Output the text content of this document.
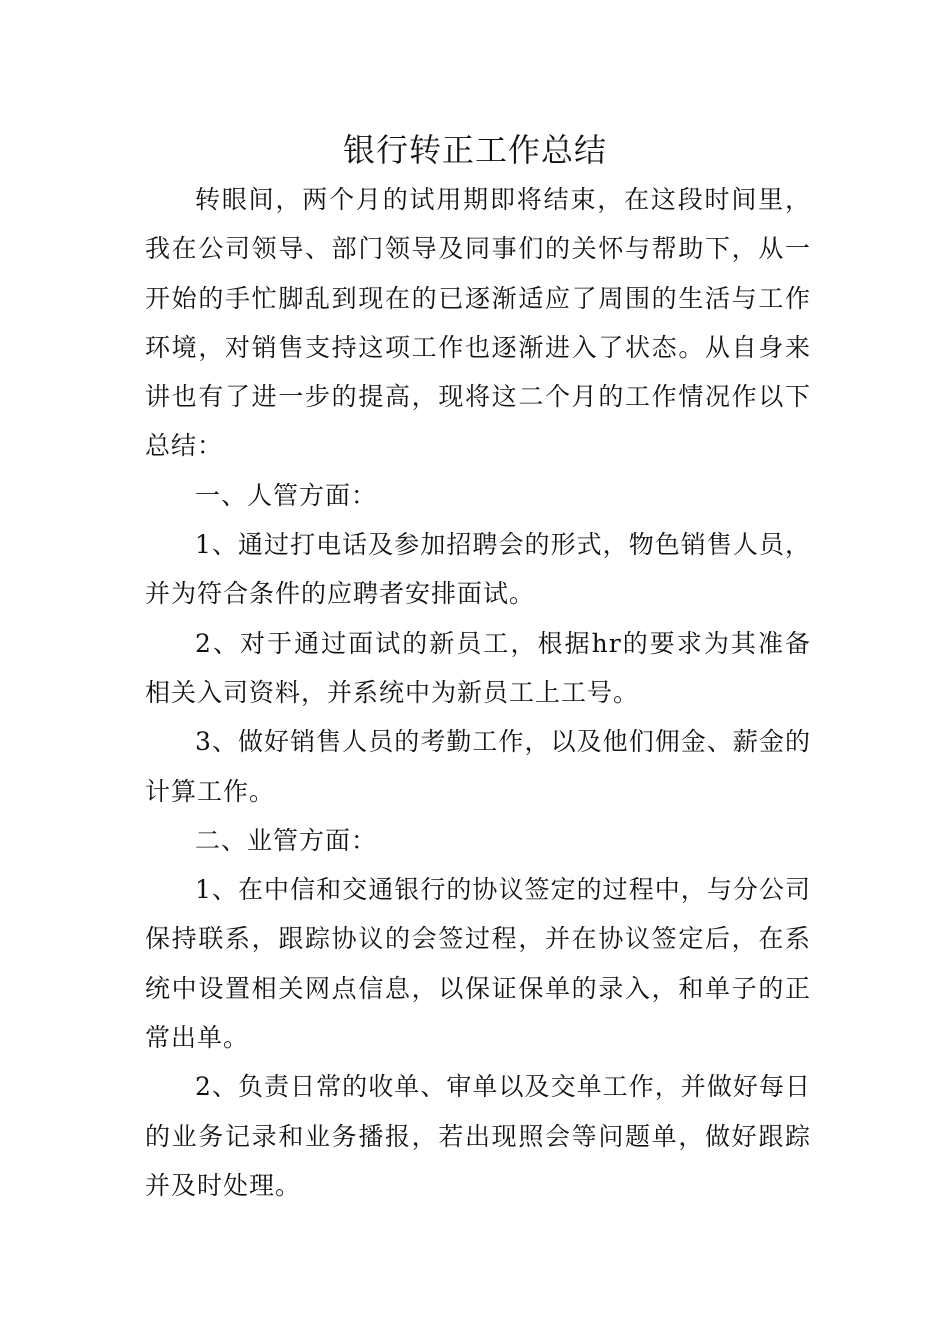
银行转正工作总结

转眼间，两个月的试用期即将结束，在这段时间里，我在公司领导、部门领导及同事们的关怀与帮助下，从一开始的手忙脚乱到现在的已逐渐适应了周围的生活与工作环境，对销售支持这项工作也逐渐进入了状态。从自身来讲也有了进一步的提高，现将这二个月的工作情况作以下总结：

一、人管方面：

1、通过打电话及参加招聘会的形式，物色销售人员，并为符合条件的应聘者安排面试。

2、对于通过面试的新员工，根据hr的要求为其准备相关入司资料，并系统中为新员工上工号。

3、做好销售人员的考勤工作，以及他们佣金、薪金的计算工作。

二、业管方面：

1、在中信和交通银行的协议签定的过程中，与分公司保持联系，跟踪协议的会签过程，并在协议签定后，在系统中设置相关网点信息，以保证保单的录入，和单子的正常出单。

2、负责日常的收单、审单以及交单工作，并做好每日的业务记录和业务播报，若出现照会等问题单，做好跟踪并及时处理。
